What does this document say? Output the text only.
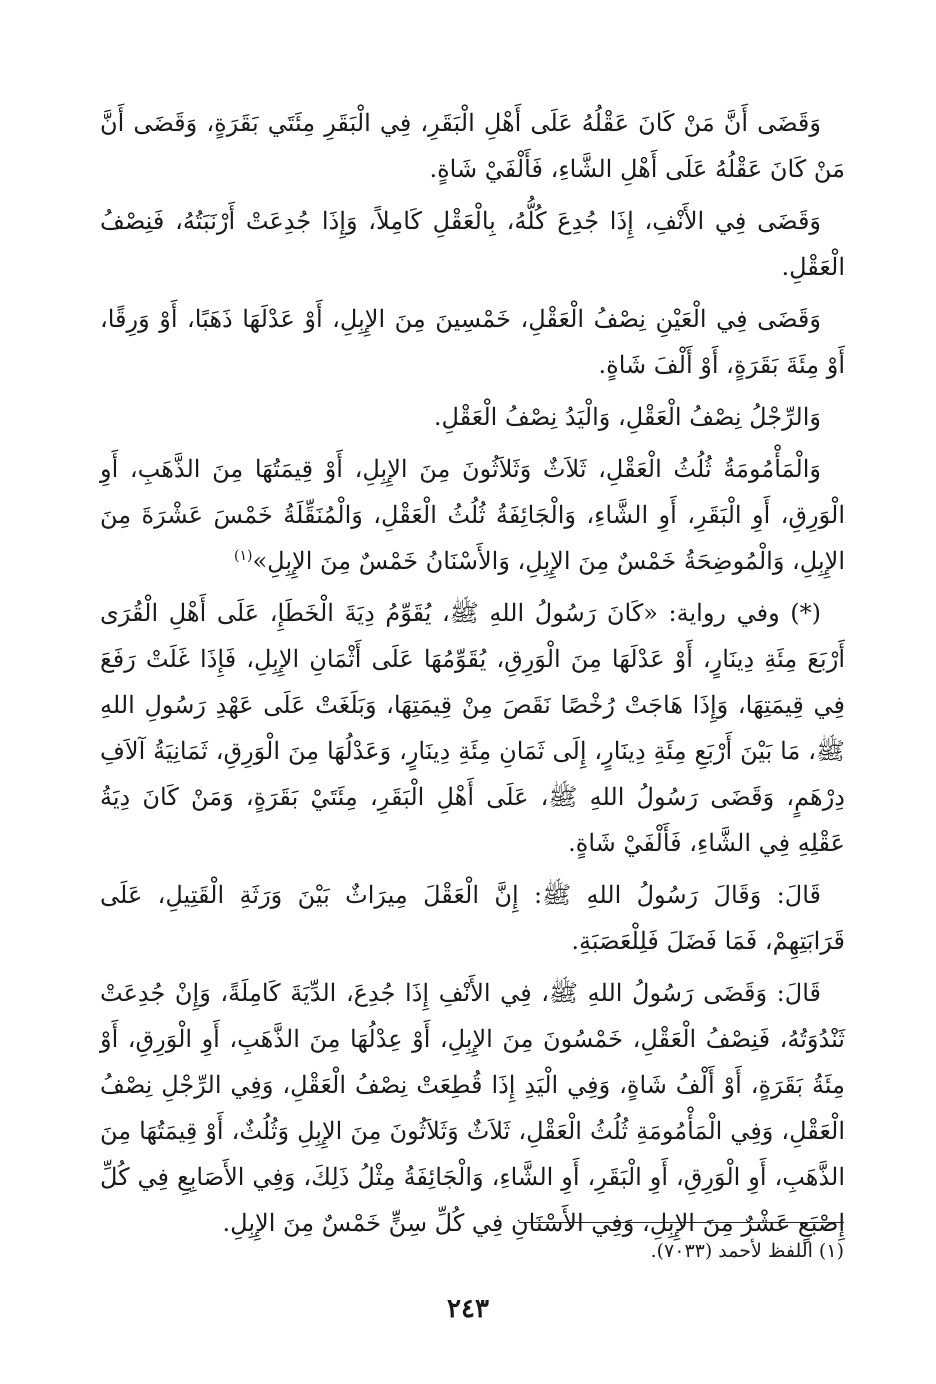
وَقَضَى أَنَّ مَنْ كَانَ عَقْلُهُ عَلَى أَهْلِ الْبَقَرِ، فِي الْبَقَرِ مِئَتَي بَقَرَةٍ، وَقَضَى أَنَّ مَنْ كَانَ عَقْلُهُ عَلَى أَهْلِ الشَّاءِ، فَأَلْفَيْ شَاةٍ.

وَقَضَى فِي الأَنْفِ، إِذَا جُدِعَ كُلُّهُ، بِالْعَقْلِ كَامِلاً، وَإِذَا جُدِعَتْ أَرْنَبَتُهُ، فَنِصْفُ الْعَقْلِ.

وَقَضَى فِي الْعَيْنِ نِصْفُ الْعَقْلِ، خَمْسِينَ مِنَ الإِبِلِ، أَوْ عَدْلَهَا ذَهَبًا، أَوْ وَرِقًا، أَوْ مِئَةَ بَقَرَةٍ، أَوْ أَلْفَ شَاةٍ.

وَالرِّجْلُ نِصْفُ الْعَقْلِ، وَالْيَدُ نِصْفُ الْعَقْلِ.

وَالْمَأْمُومَةُ ثُلُثُ الْعَقْلِ، ثَلاَثٌ وَثَلاَثُونَ مِنَ الإِبِلِ، أَوْ قِيمَتُهَا مِنَ الذَّهَبِ، أَوِ الْوَرِقِ، أَوِ الْبَقَرِ، أَوِ الشَّاءِ، وَالْجَائِفَةُ ثُلُثُ الْعَقْلِ، وَالْمُنَقِّلَةُ خَمْسَ عَشْرَةَ مِنَ الإِبِلِ، وَالْمُوضِحَةُ خَمْسٌ مِنَ الإِبِلِ، وَالأَسْنَانُ خَمْسٌ مِنَ الإِبِلِ»$^{(١)}$

(*) وفي رواية: «كَانَ رَسُولُ اللهِ ﷺ، يُقَوِّمُ دِيَةَ الْخَطَإِ، عَلَى أَهْلِ الْقُرَى أَرْبَعَ مِئَةِ دِينَارٍ، أَوْ عَدْلَهَا مِنَ الْوَرِقِ، يُقَوِّمُهَا عَلَى أَثْمَانِ الإِبِلِ، فَإِذَا غَلَتْ رَفَعَ فِي قِيمَتِهَا، وَإِذَا هَاجَتْ رُخْصًا نَقَصَ مِنْ قِيمَتِهَا، وَبَلَغَتْ عَلَى عَهْدِ رَسُولِ اللهِ ﷺ، مَا بَيْنَ أَرْبَعِ مِئَةِ دِينَارٍ، إِلَى ثَمَانِ مِئَةِ دِينَارٍ، وَعَدْلُهَا مِنَ الْوَرِقِ، ثَمَانِيَةُ آلاَفِ دِرْهَمٍ، وَقَضَى رَسُولُ اللهِ ﷺ، عَلَى أَهْلِ الْبَقَرِ، مِئَتَيْ بَقَرَةٍ، وَمَنْ كَانَ دِيَةُ عَقْلِهِ فِي الشَّاءِ، فَأَلْفَيْ شَاةٍ.

قَالَ: وَقَالَ رَسُولُ اللهِ ﷺ: إِنَّ الْعَقْلَ مِيرَاثٌ بَيْنَ وَرَثَةِ الْقَتِيلِ، عَلَى قَرَابَتِهِمْ، فَمَا فَضَلَ فَلِلْعَصَبَةِ.

قَالَ: وَقَضَى رَسُولُ اللهِ ﷺ، فِي الأَنْفِ إِذَا جُدِعَ، الدِّيَةَ كَامِلَةً، وَإِنْ جُدِعَتْ ثَنْدُوَتُهُ، فَنِصْفُ الْعَقْلِ، خَمْسُونَ مِنَ الإِبِلِ، أَوْ عِدْلُهَا مِنَ الذَّهَبِ، أَوِ الْوَرِقِ، أَوْ مِئَةُ بَقَرَةٍ، أَوْ أَلْفُ شَاةٍ، وَفِي الْيَدِ إِذَا قُطِعَتْ نِصْفُ الْعَقْلِ، وَفِي الرِّجْلِ نِصْفُ الْعَقْلِ، وَفِي الْمَأْمُومَةِ ثُلُثُ الْعَقْلِ، ثَلاَثٌ وَثَلاَثُونَ مِنَ الإِبِلِ وَثُلُثٌ، أَوْ قِيمَتُهَا مِنَ الذَّهَبِ، أَوِ الْوَرِقِ، أَوِ الْبَقَرِ، أَوِ الشَّاءِ، وَالْجَائِفَةُ مِثْلُ ذَلِكَ، وَفِي الأَصَابِعِ فِي كُلِّ إِصْبَعٍ عَشْرٌ مِنَ الإِبِلِ، وَفِي الأَسْنَانِ فِي كُلِّ سِنٍّ خَمْسٌ مِنَ الإِبِلِ.

(١) اللفظ لأحمد (٧٠٣٣).
٢٤٣
